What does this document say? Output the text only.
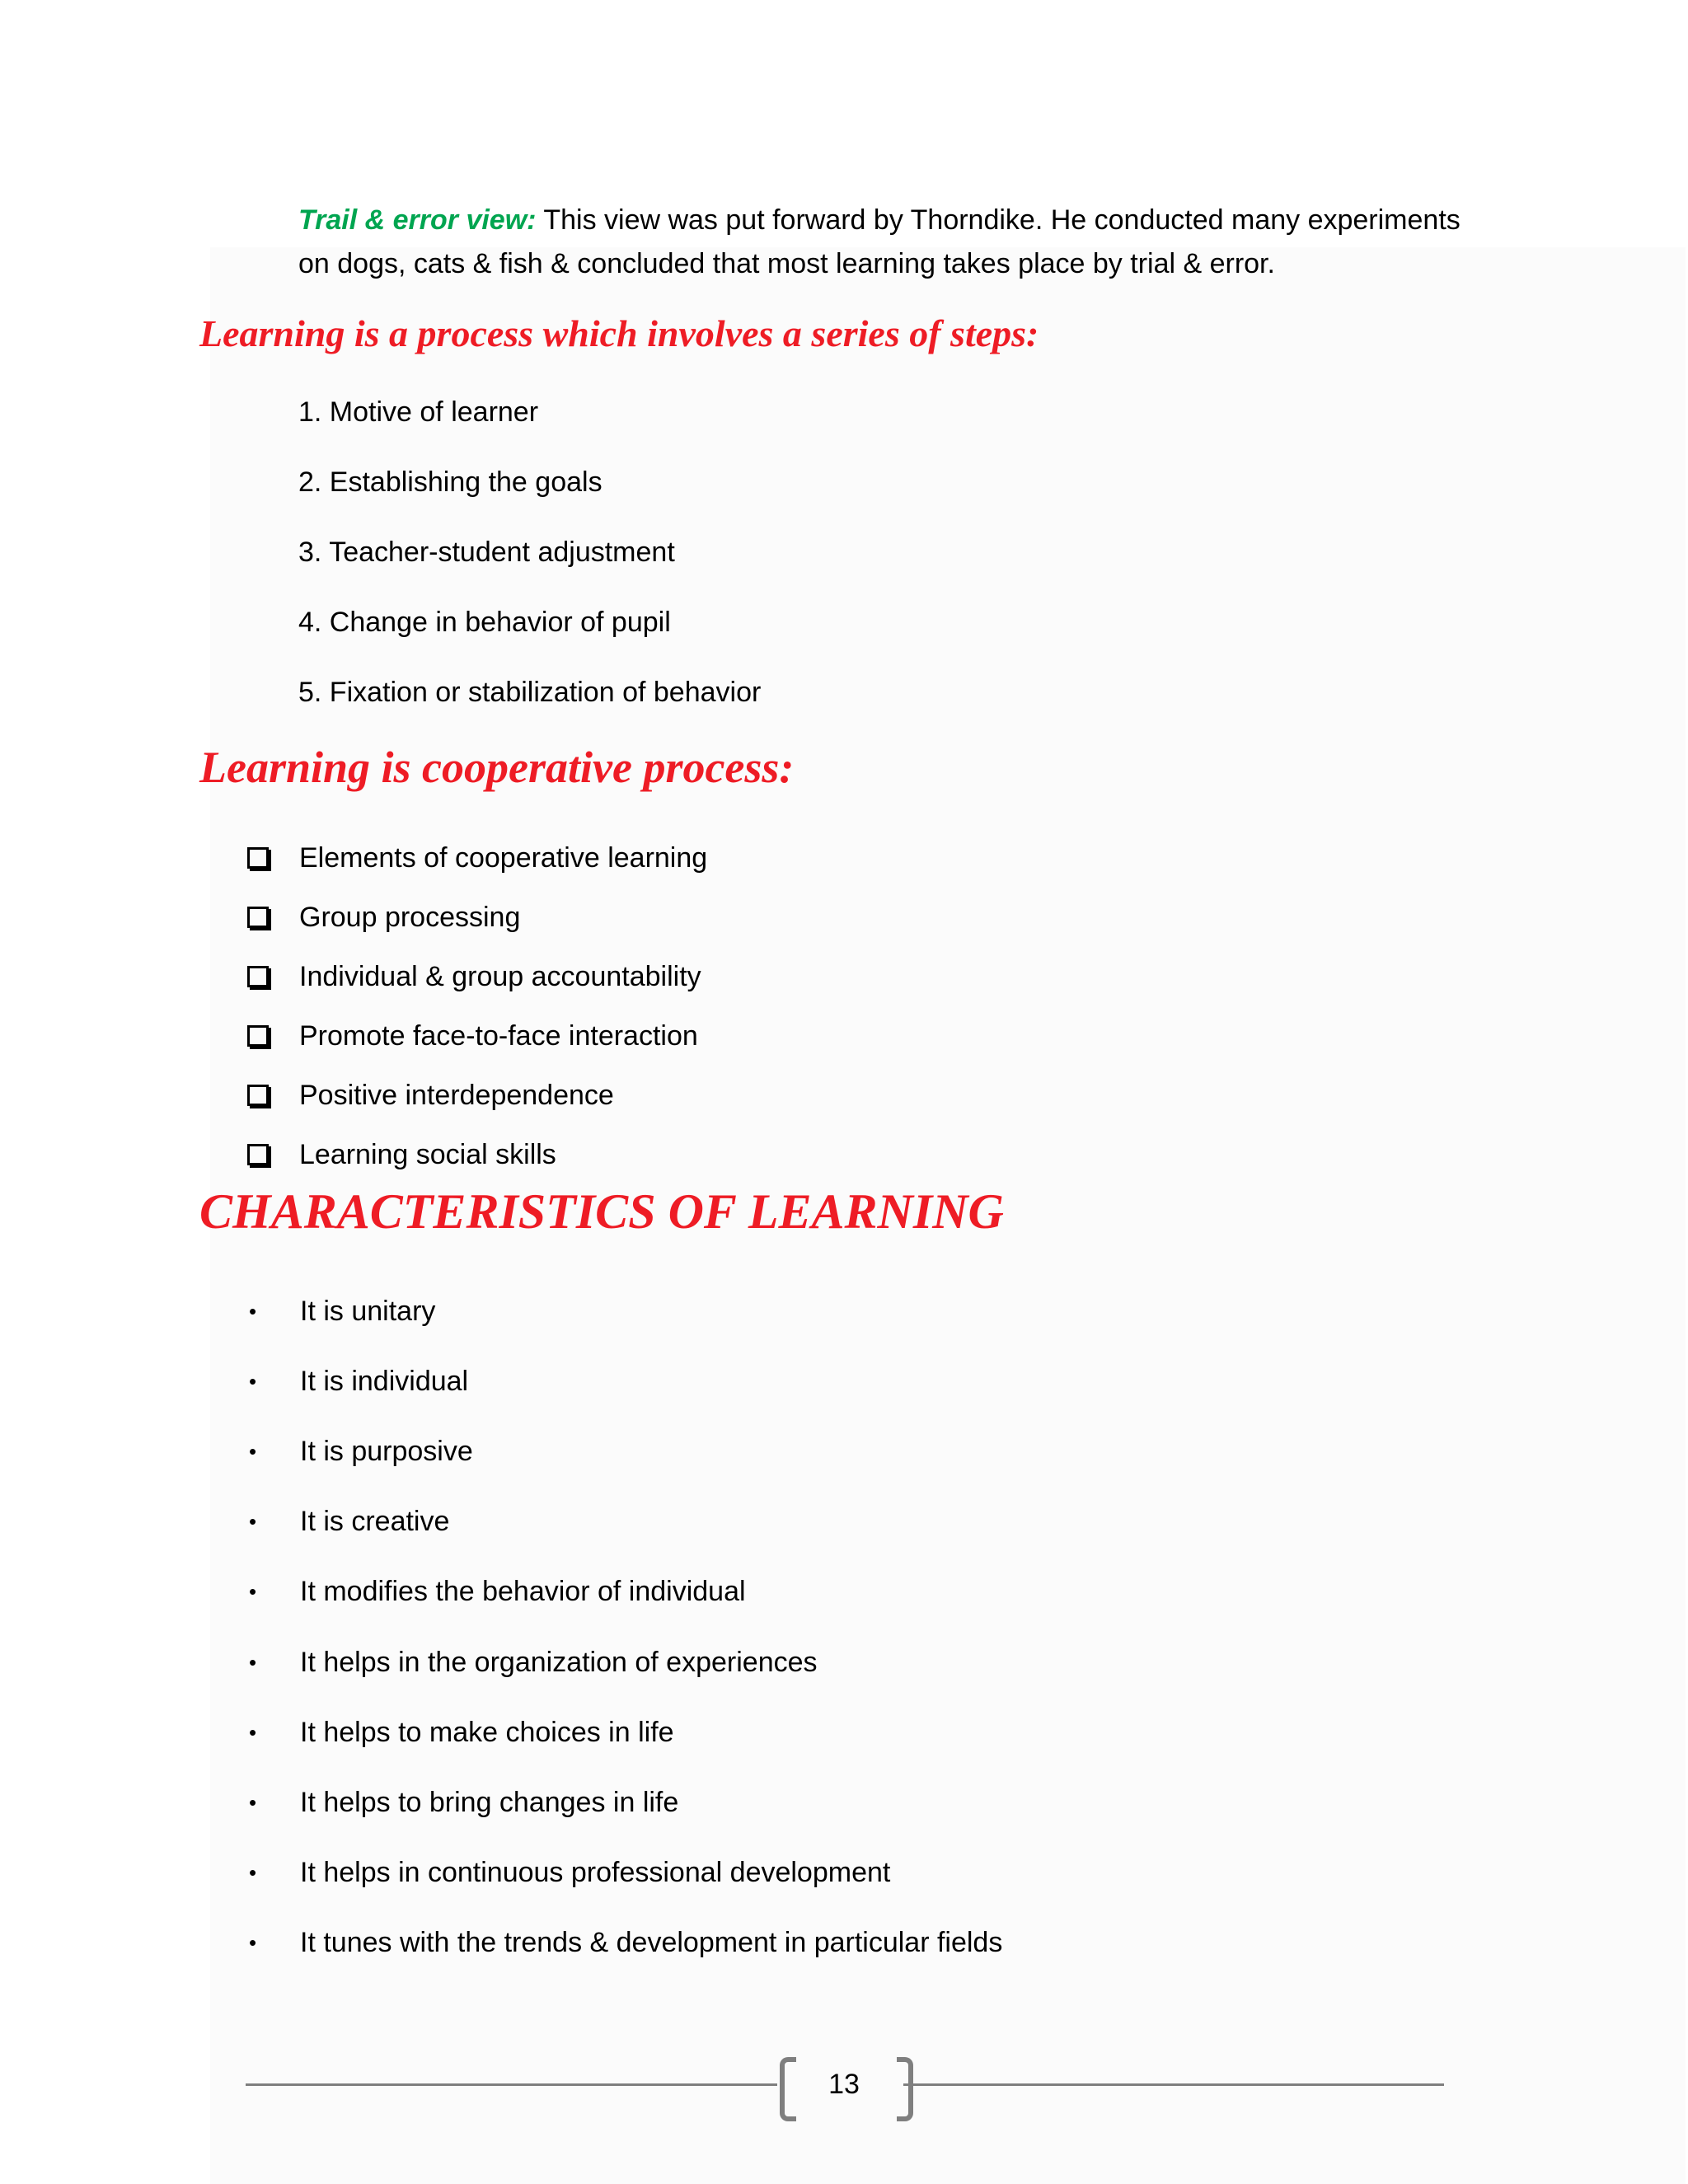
Trail & error view: This view was put forward by Thorndike. He conducted many experiments on dogs, cats & fish & concluded that most learning takes place by trial & error.

Learning is a process which involves a series of steps:
1. Motive of learner
2. Establishing the goals
3. Teacher-student adjustment
4. Change in behavior of pupil
5. Fixation or stabilization of behavior
Learning is cooperative process:
Elements of cooperative learning
Group processing
Individual & group accountability
Promote face-to-face interaction
Positive interdependence
Learning social skills
CHARACTERISTICS OF LEARNING
•	It is unitary
•	It is individual
•	It is purposive
•	It is creative
•	It modifies the behavior of individual
•	It helps in the organization of experiences
•	It helps to make choices in life
•	It helps to bring changes in life
•	It helps in continuous professional development
•	It tunes with the trends & development in particular fields
13
